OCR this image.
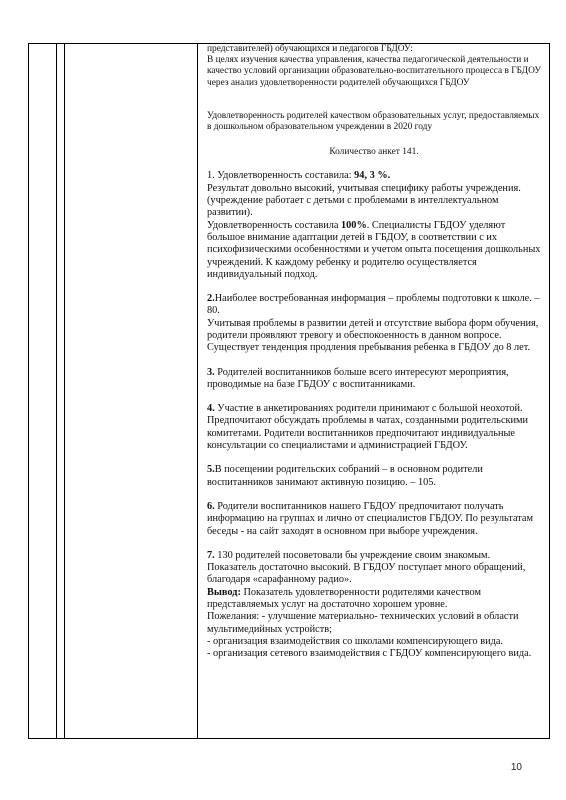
представителей) обучающихся и педагогов ГБДОУ:

В целях изучения качества управления, качества педагогической деятельности и качество условий организации образовательно-воспитательного процесса в ГБДОУ через анализ удовлетворенности родителей обучающихся ГБДОУ

Удовлетворенность родителей качеством образовательных услуг, предоставляемых в дошкольном образовательном учреждении в 2020 году

Количество анкет 141.

1. Удовлетворенность составила: 94, 3 %.

Результат довольно высокий, учитывая специфику работы учреждения. (учреждение работает с детьми с проблемами в интеллектуальном развитии).

Удовлетворенность составила 100%. Специалисты ГБДОУ уделяют большое внимание адаптации детей в ГБДОУ, в соответствии с их психофизическими особенностями и учетом опыта посещения дошкольных учреждений. К каждому ребенку и родителю осуществляется индивидуальный подход.

2.Наиболее востребованная информация – проблемы подготовки к школе. – 80.

Учитывая проблемы в развитии детей и отсутствие выбора форм обучения, родители проявляют тревогу и обеспокоенность в данном вопросе. Существует тенденция продления пребывания ребенка в ГБДОУ до 8 лет.

3. Родителей воспитанников больше всего интересуют мероприятия, проводимые на базе ГБДОУ с воспитанниками.

4. Участие в анкетированиях родители принимают с большой неохотой. Предпочитают обсуждать проблемы в чатах, созданными родительскими комитетами. Родители воспитанников предпочитают индивидуальные консультации со специалистами и администрацией ГБДОУ.

5.В посещении родительских собраний – в основном родители воспитанников занимают активную позицию. – 105.

6. Родители воспитанников нашего ГБДОУ предпочитают получать информацию на группах и лично от специалистов ГБДОУ. По результатам беседы - на сайт заходят в основном при выборе учреждения.

7. 130 родителей посоветовали бы учреждение своим знакомым. Показатель достаточно высокий. В ГБДОУ поступает много обращений, благодаря «сарафанному радио».

Вывод: Показатель удовлетворенности родителями качеством представляемых услуг на достаточно хорошем уровне.

Пожелания: - улучшение материально- технических условий в области мультимедийных устройств;

- организация взаимодействия со школами компенсирующего вида.

- организация сетевого взаимодействия с ГБДОУ компенсирующего вида.

10
